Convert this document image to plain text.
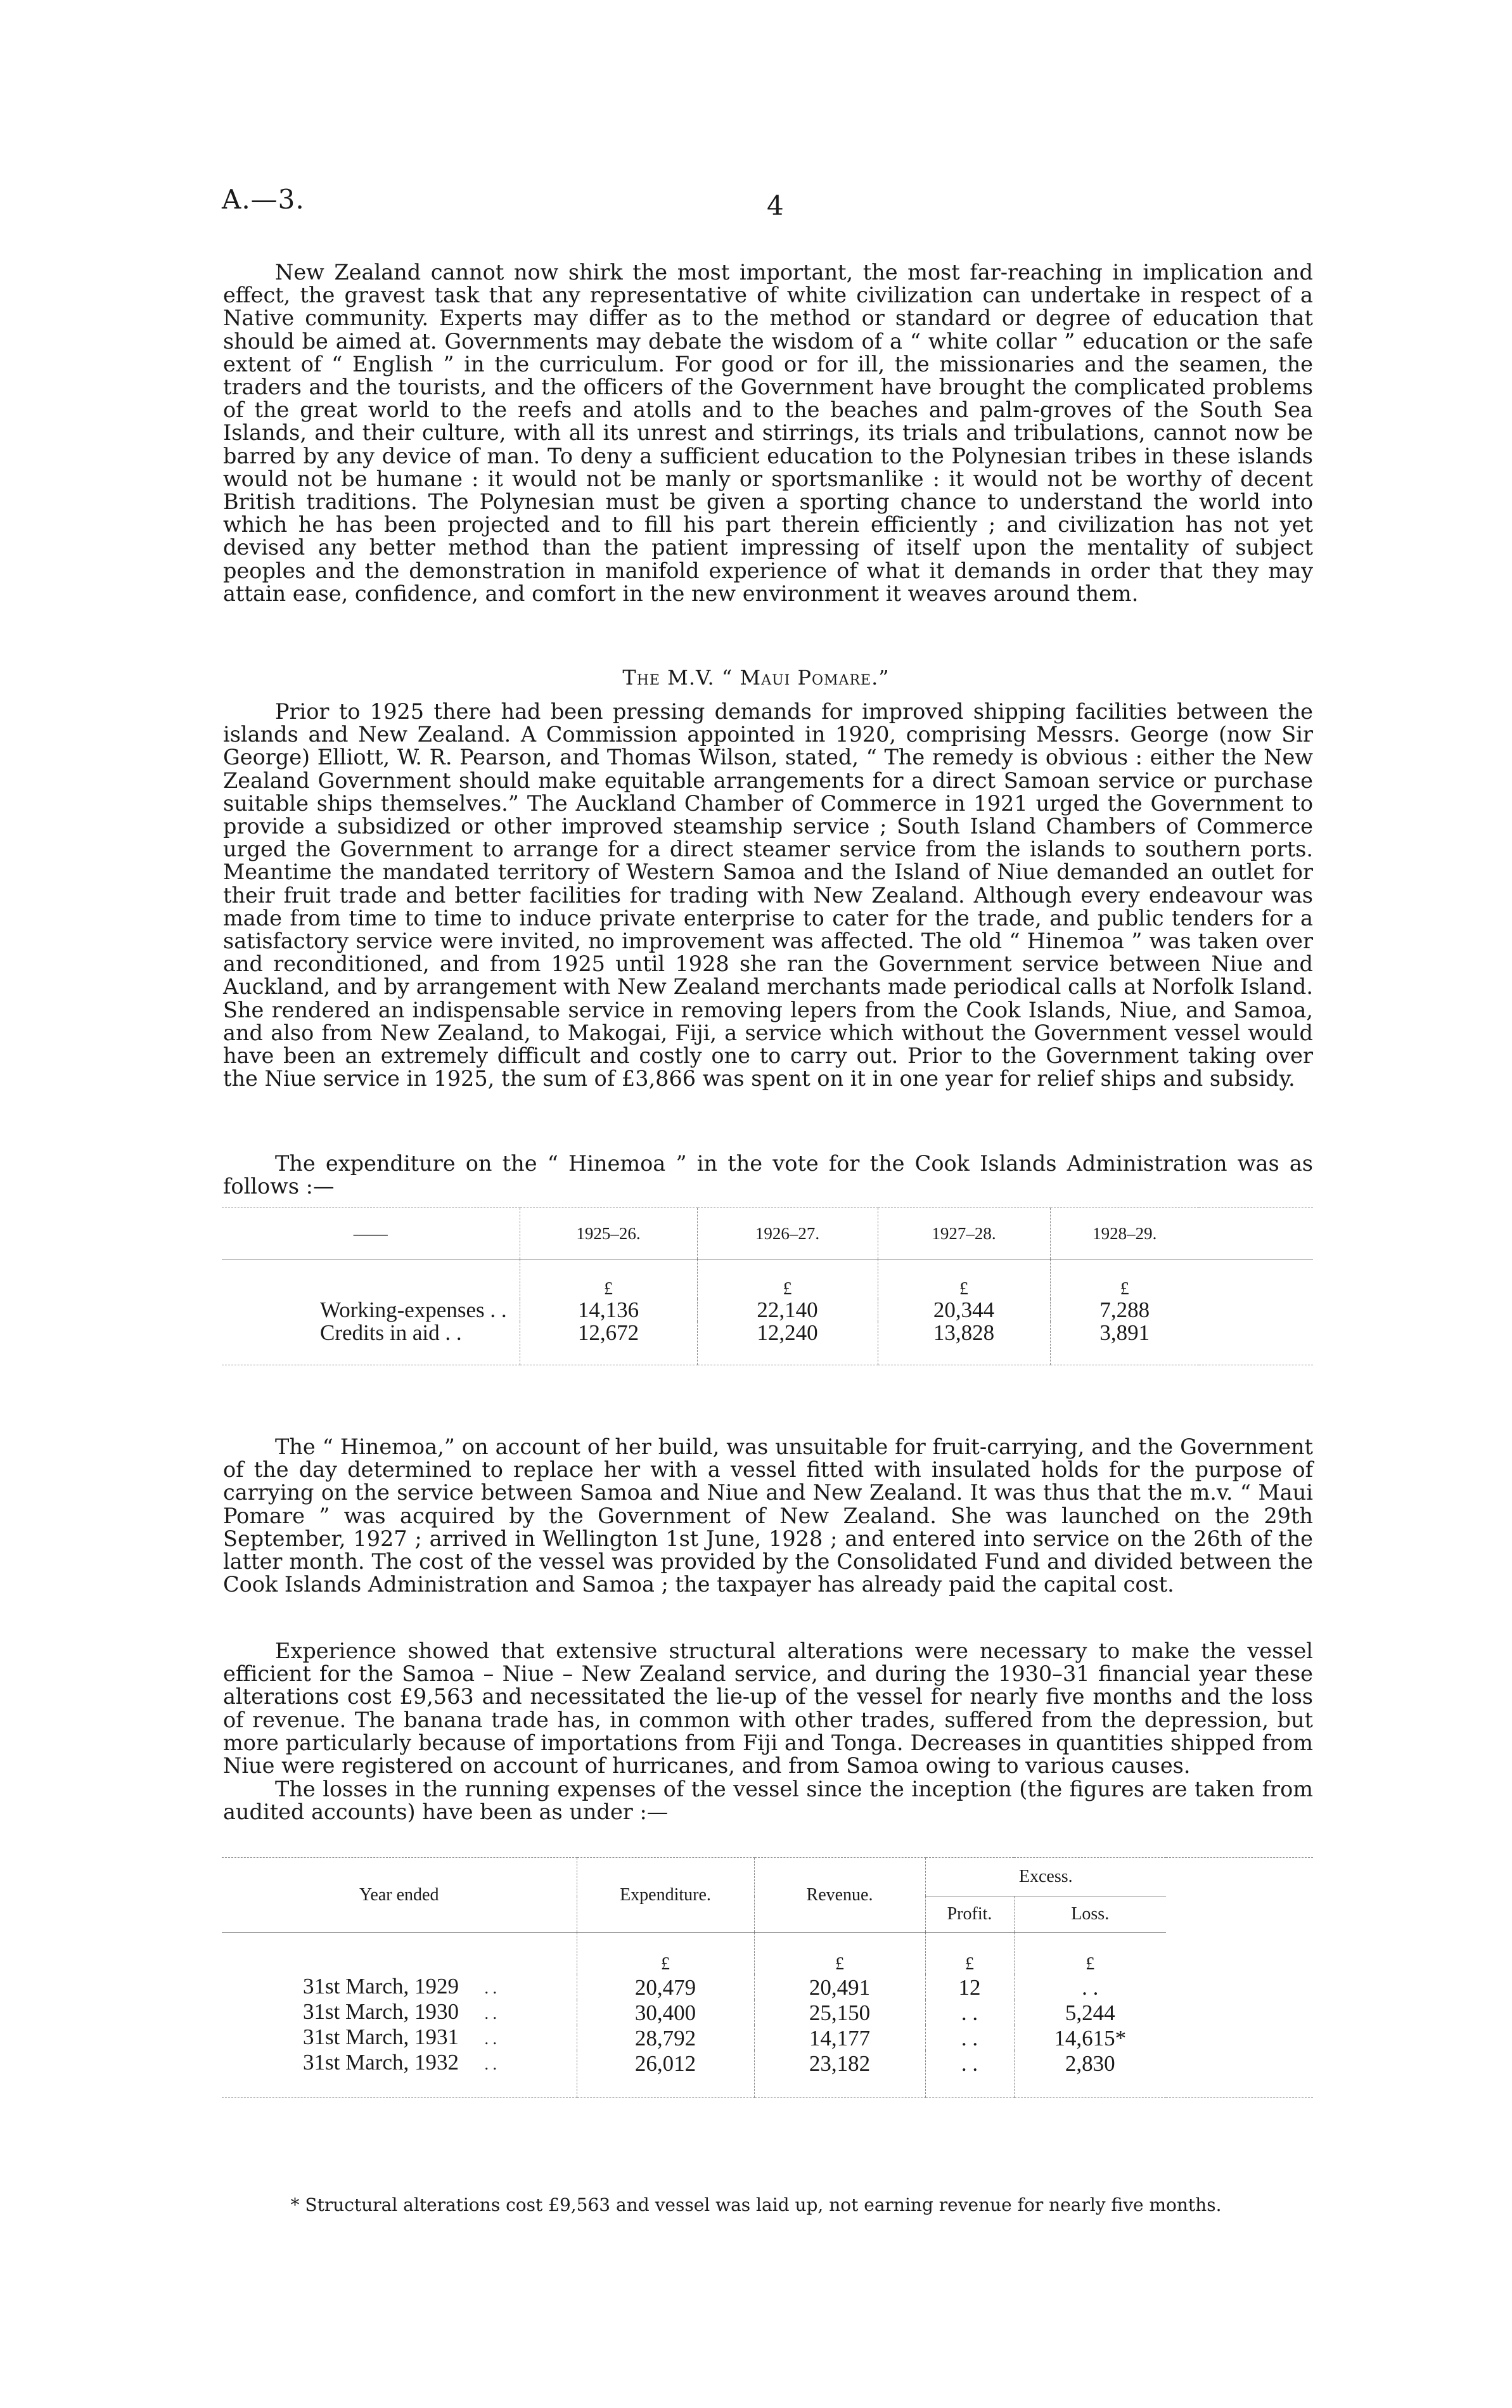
A.—3.	4

New Zealand cannot now shirk the most important, the most far-reaching in implication and effect, the gravest task that any representative of white civilization can undertake in respect of a Native community. Experts may differ as to the method or standard or degree of education that should be aimed at. Governments may debate the wisdom of a “ white collar ” education or the safe extent of “ English ” in the curriculum. For good or for ill, the missionaries and the seamen, the traders and the tourists, and the officers of the Government have brought the complicated problems of the great world to the reefs and atolls and to the beaches and palm-groves of the South Sea Islands, and their culture, with all its unrest and stirrings, its trials and tribulations, cannot now be barred by any device of man. To deny a sufficient education to the Polynesian tribes in these islands would not be humane : it would not be manly or sportsmanlike : it would not be worthy of decent British traditions. The Polynesian must be given a sporting chance to understand the world into which he has been projected and to fill his part therein efficiently ; and civilization has not yet devised any better method than the patient impressing of itself upon the mentality of subject peoples and the demonstration in manifold experience of what it demands in order that they may attain ease, confidence, and comfort in the new environment it weaves around them.

The M.V. “ Maui Pomare.”

Prior to 1925 there had been pressing demands for improved shipping facilities between the islands and New Zealand. A Commission appointed in 1920, comprising Messrs. George (now Sir George) Elliott, W. R. Pearson, and Thomas Wilson, stated, “ The remedy is obvious : either the New Zealand Government should make equitable arrangements for a direct Samoan service or purchase suitable ships themselves.” The Auckland Chamber of Commerce in 1921 urged the Government to provide a subsidized or other improved steamship service ; South Island Chambers of Commerce urged the Government to arrange for a direct steamer service from the islands to southern ports. Meantime the mandated territory of Western Samoa and the Island of Niue demanded an outlet for their fruit trade and better facilities for trading with New Zealand. Although every endeavour was made from time to time to induce private enterprise to cater for the trade, and public tenders for a satisfactory service were invited, no improvement was affected. The old “ Hinemoa ” was taken over and reconditioned, and from 1925 until 1928 she ran the Government service between Niue and Auckland, and by arrangement with New Zealand merchants made periodical calls at Norfolk Island. She rendered an indispensable service in removing lepers from the Cook Islands, Niue, and Samoa, and also from New Zealand, to Makogai, Fiji, a service which without the Government vessel would have been an extremely difficult and costly one to carry out. Prior to the Government taking over the Niue service in 1925, the sum of £3,866 was spent on it in one year for relief ships and subsidy.

The expenditure on the “ Hinemoa ” in the vote for the Cook Islands Administration was as follows :—

——	1925–26.	1926–27.	1927–28.	1928–29.	
	£	£	£	£	
Working-expenses . .	14,136	22,140	20,344	7,288	
Credits in aid . .	12,672	12,240	13,828	3,891	

The “ Hinemoa,” on account of her build, was unsuitable for fruit-carrying, and the Government of the day determined to replace her with a vessel fitted with insulated holds for the purpose of carrying on the service between Samoa and Niue and New Zealand. It was thus that the m.v. “ Maui Pomare ” was acquired by the Government of New Zealand. She was launched on the 29th September, 1927 ; arrived in Wellington 1st June, 1928 ; and entered into service on the 26th of the latter month. The cost of the vessel was provided by the Consolidated Fund and divided between the Cook Islands Administration and Samoa ; the taxpayer has already paid the capital cost.

Experience showed that extensive structural alterations were necessary to make the vessel efficient for the Samoa – Niue – New Zealand service, and during the 1930–31 financial year these alterations cost £9,563 and necessitated the lie-up of the vessel for nearly five months and the loss of revenue. The banana trade has, in common with other trades, suffered from the depression, but more particularly because of importations from Fiji and Tonga. Decreases in quantities shipped from Niue were registered on account of hurricanes, and from Samoa owing to various causes.

The losses in the running expenses of the vessel since the inception (the figures are taken from audited accounts) have been as under :—

Year ended	Expenditure.	Revenue.	Excess.		
			Profit.	Loss.	
	£	£	£	£	
31st March, 1929 . .	20,479	20,491	12	. .	
31st March, 1930 . .	30,400	25,150	. .	5,244	
31st March, 1931 . .	28,792	14,177	. .	14,615*	
31st March, 1932 . .	26,012	23,182	. .	2,830	
* Structural alterations cost £9,563 and vessel was laid up, not earning revenue for nearly five months.
